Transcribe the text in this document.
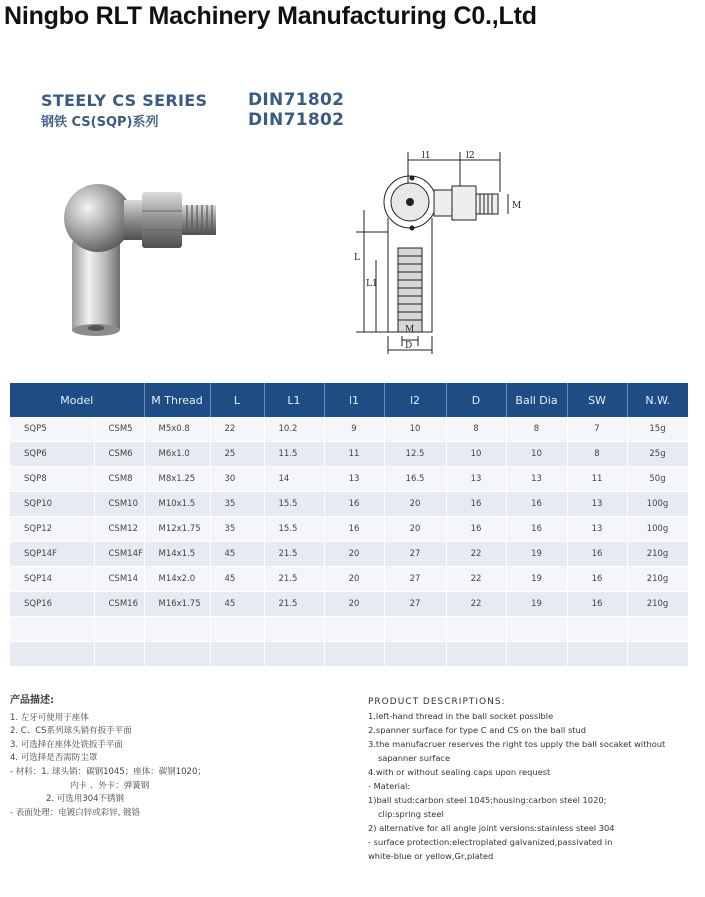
Ningbo RLT Machinery Manufacturing C0.,Ltd
STEELY CS SERIES	DIN71802
钢铁 CS(SQP)系列	DIN71802
l1	l2
M
L
L1
M
D
Model		M Thread	L	L1	l1	l2	D	Ball Dia	SW	N.W.
SQP5	CSM5	M5x0.8	22	10.2	9	10	8	8	7	15g
SQP6	CSM6	M6x1.0	25	11.5	11	12.5	10	10	8	25g
SQP8	CSM8	M8x1.25	30	14	13	16.5	13	13	11	50g
SQP10	CSM10	M10x1.5	35	15.5	16	20	16	16	13	100g
SQP12	CSM12	M12x1.75	35	15.5	16	20	16	16	13	100g
SQP14F	CSM14F	M14x1.5	45	21.5	20	27	22	19	16	210g
SQP14	CSM14	M14x2.0	45	21.5	20	27	22	19	16	210g
SQP16	CSM16	M16x1.75	45	21.5	20	27	22	19	16	210g

产品描述:
1. 左牙可使用于座体
2. C、CS系列球头销有扳手平面
3. 可选择在座体处铣扳手平面
4. 可选择是否需防尘罩
- 材料：1. 球头销：碳钢1045；座体：碳钢1020；
内卡 、外卡：弹簧钢
2. 可选用304不锈钢
- 表面处理：电镀白锌或彩锌, 镀铬
PRODUCT DESCRIPTIONS:
1.left-hand thread in the ball socket possible
2.spanner surface for type C and CS on the ball stud
3.the manufacruer reserves the right tos upply the ball socaket without
sapanner surface
4.with or without sealing caps upon request
- Material:
1)ball stud:carbon steel 1045;housing:carbon steel 1020;
clip:spring steel
2) alternative for all angle joint versions:stainless steel 304
- surface protection:electroplated galvanized,passivated in
white-blue or yellow,Gr,plated
